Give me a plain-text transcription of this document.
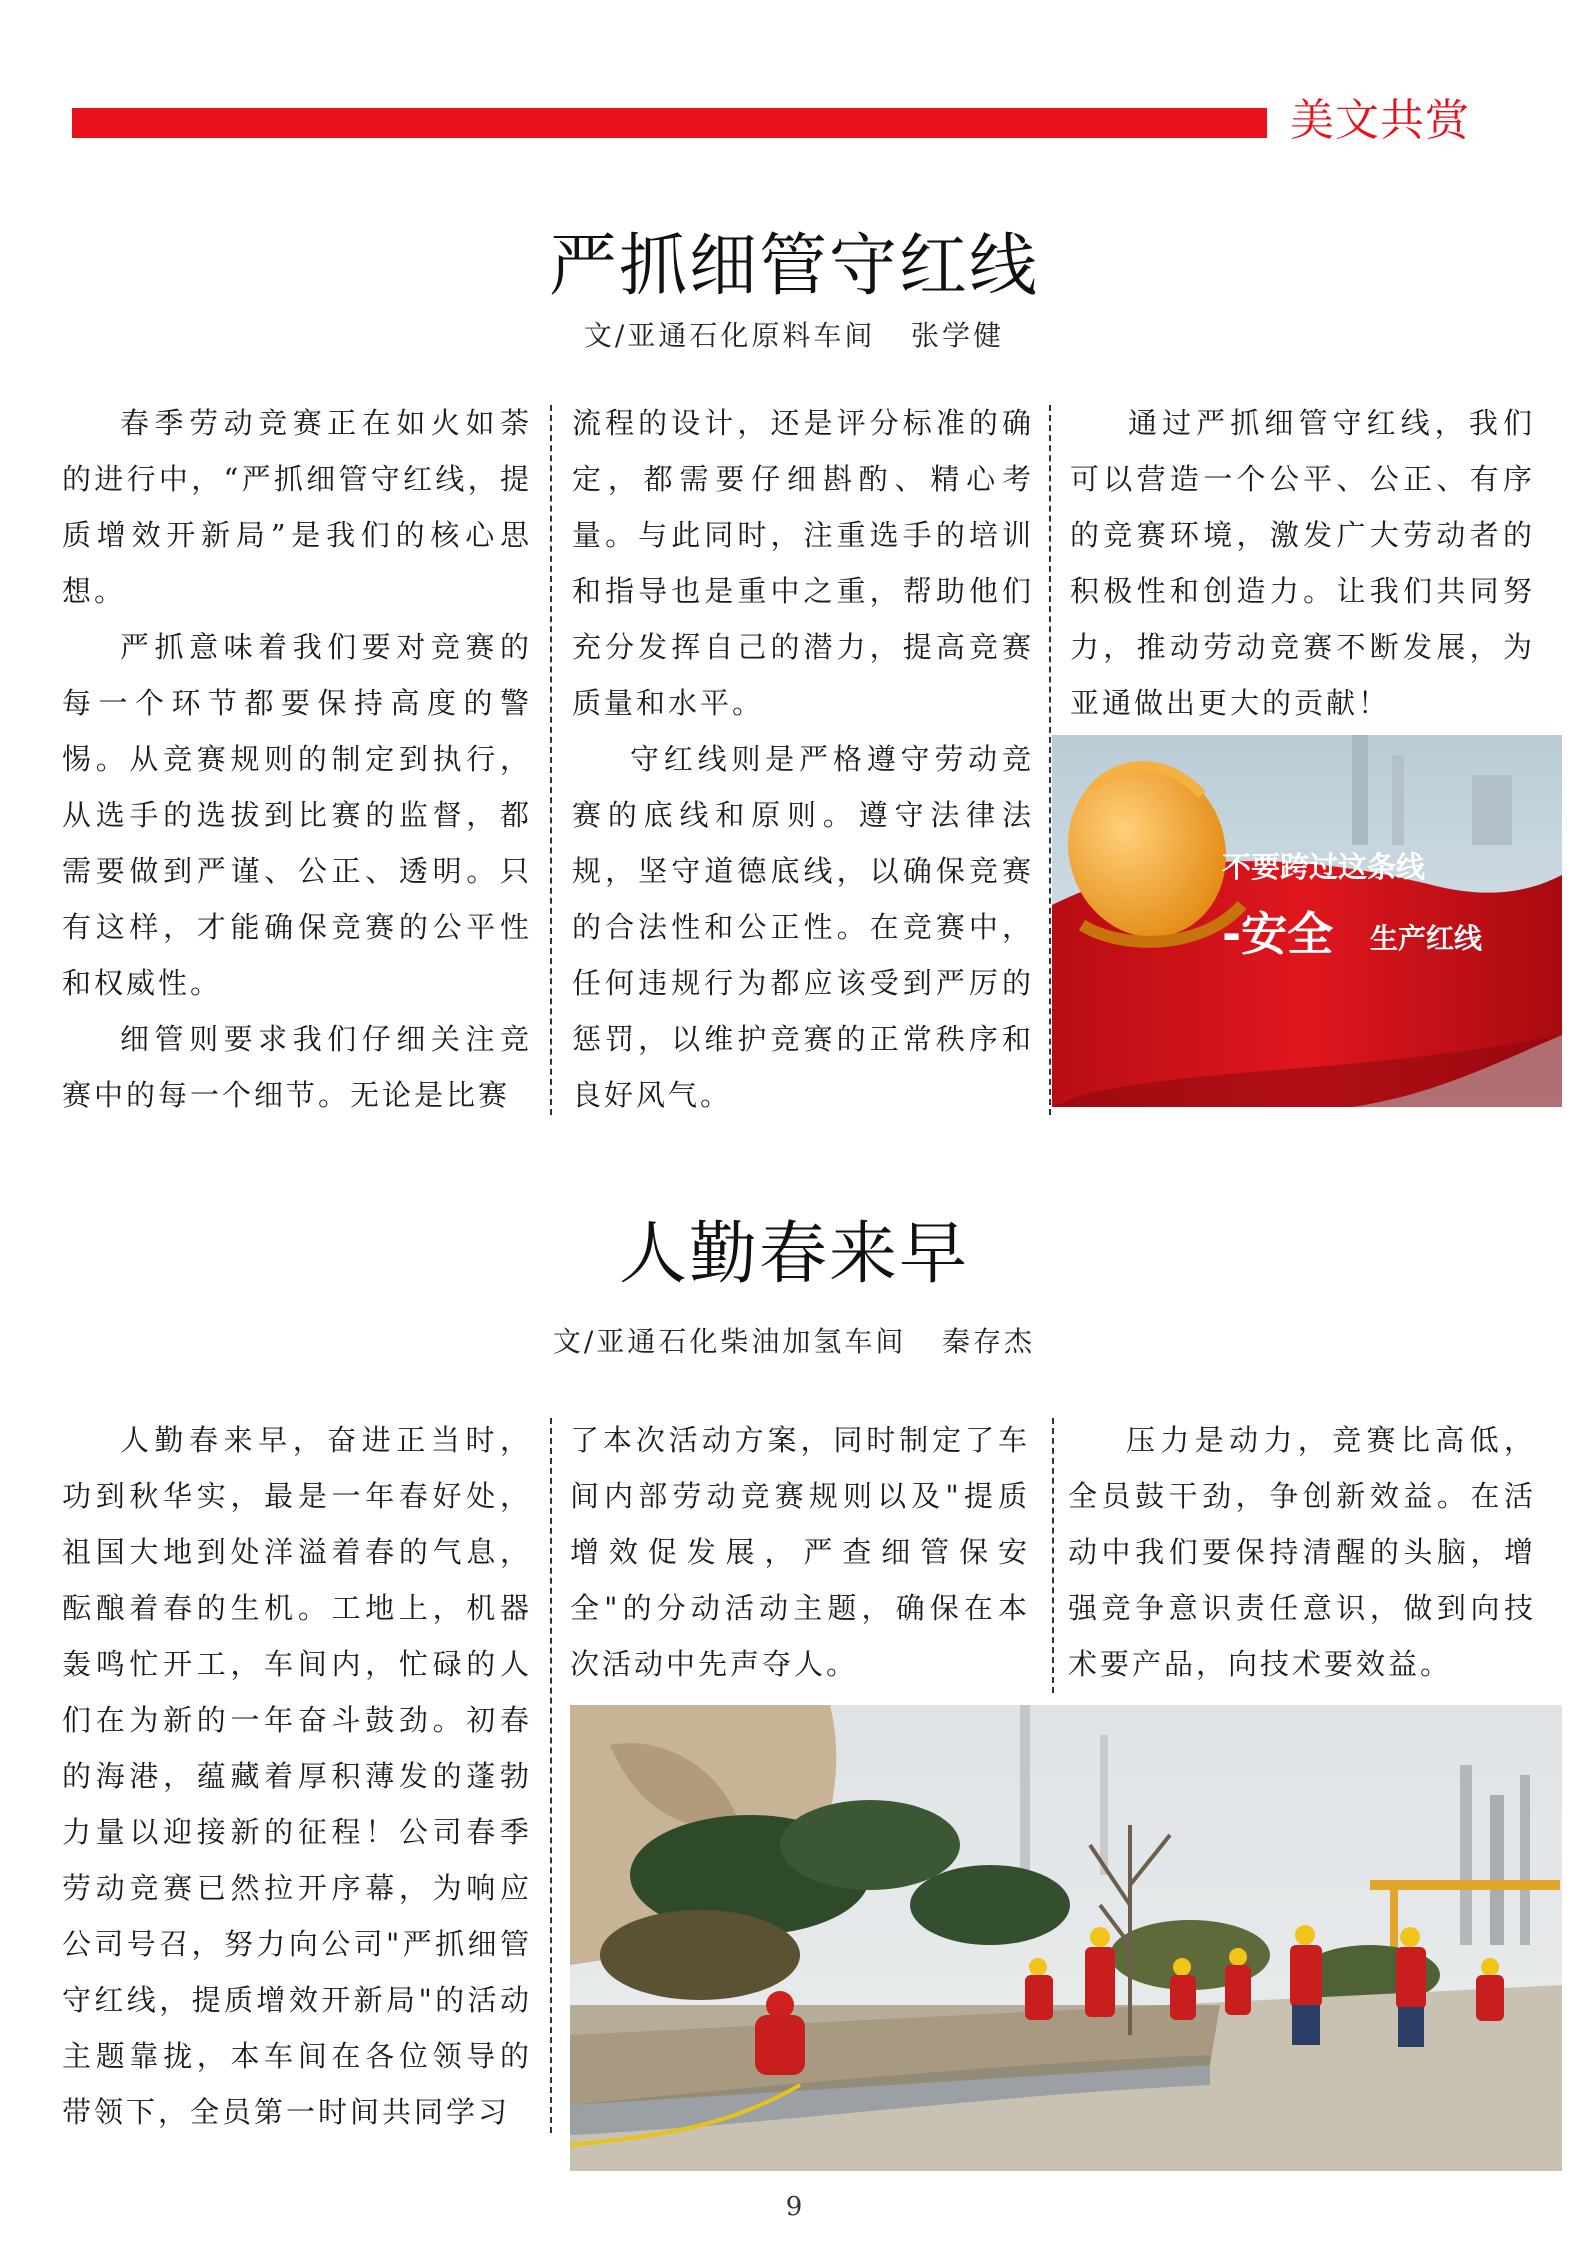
美文共赏
严抓细管守红线
文/亚通石化原料车间   张学健

春季劳动竞赛正在如火如荼的进行中，“严抓细管守红线，提质增效开新局”是我们的核心思想。

严抓意味着我们要对竞赛的每一个环节都要保持高度的警惕。从竞赛规则的制定到执行，从选手的选拔到比赛的监督，都需要做到严谨、公正、透明。只有这样，才能确保竞赛的公平性和权威性。

细管则要求我们仔细关注竞赛中的每一个细节。无论是比赛

流程的设计，还是评分标准的确定，都需要仔细斟酌、精心考量。与此同时，注重选手的培训和指导也是重中之重，帮助他们充分发挥自己的潜力，提高竞赛质量和水平。

守红线则是严格遵守劳动竞赛的底线和原则。遵守法律法规，坚守道德底线，以确保竞赛的合法性和公正性。在竞赛中，任何违规行为都应该受到严厉的惩罚，以维护竞赛的正常秩序和良好风气。

通过严抓细管守红线，我们可以营造一个公平、公正、有序的竞赛环境，激发广大劳动者的积极性和创造力。让我们共同努力，推动劳动竞赛不断发展，为亚通做出更大的贡献！

不要跨过这条线
-安全 生产红线
人勤春来早
文/亚通石化柴油加氢车间   秦存杰

人勤春来早，奋进正当时，功到秋华实，最是一年春好处，祖国大地到处洋溢着春的气息，酝酿着春的生机。工地上，机器轰鸣忙开工，车间内，忙碌的人们在为新的一年奋斗鼓劲。初春的海港，蕴藏着厚积薄发的蓬勃力量以迎接新的征程！公司春季劳动竞赛已然拉开序幕，为响应公司号召，努力向公司"严抓细管守红线，提质增效开新局"的活动主题靠拢，本车间在各位领导的带领下，全员第一时间共同学习

了本次活动方案，同时制定了车间内部劳动竞赛规则以及"提质增效促发展，严查细管保安全"的分动活动主题，确保在本次活动中先声夺人。

压力是动力，竞赛比高低，全员鼓干劲，争创新效益。在活动中我们要保持清醒的头脑，增强竞争意识责任意识，做到向技术要产品，向技术要效益。

9
